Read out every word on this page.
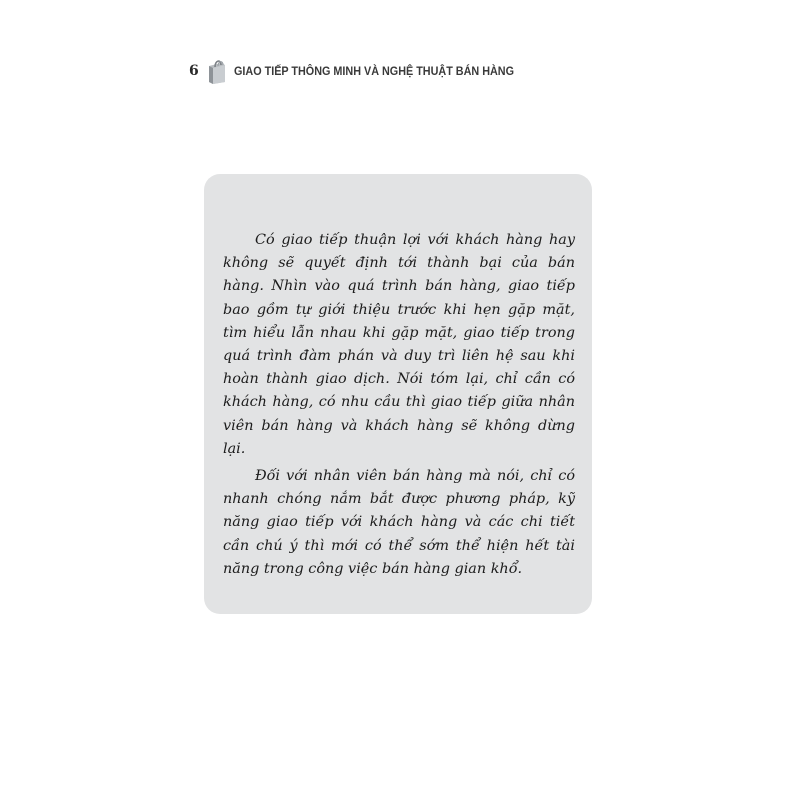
6	GIAO TIẾP THÔNG MINH VÀ NGHỆ THUẬT BÁN HÀNG

Có giao tiếp thuận lợi với khách hàng hay không sẽ quyết định tới thành bại của bán hàng. Nhìn vào quá trình bán hàng, giao tiếp bao gồm tự giới thiệu trước khi hẹn gặp mặt, tìm hiểu lẫn nhau khi gặp mặt, giao tiếp trong quá trình đàm phán và duy trì liên hệ sau khi hoàn thành giao dịch. Nói tóm lại, chỉ cần có khách hàng, có nhu cầu thì giao tiếp giữa nhân viên bán hàng và khách hàng sẽ không dừng lại.

Đối với nhân viên bán hàng mà nói, chỉ có nhanh chóng nắm bắt được phương pháp, kỹ năng giao tiếp với khách hàng và các chi tiết cần chú ý thì mới có thể sớm thể hiện hết tài năng trong công việc bán hàng gian khổ.
